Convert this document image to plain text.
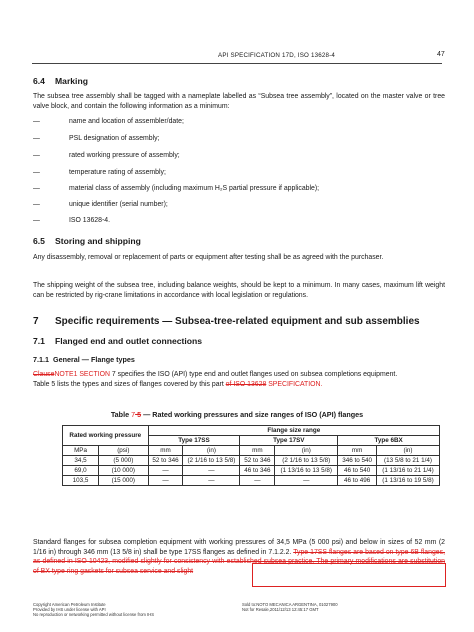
API SPECIFICATION 17D, ISO 13628-4	47
6.4 Marking
The subsea tree assembly shall be tagged with a nameplate labelled as “Subsea tree assembly”, located on the master valve or tree valve block, and contain the following information as a minimum:
—	name and location of assembler/date;
—	PSL designation of assembly;
—	rated working pressure of assembly;
—	temperature rating of assembly;
—	material class of assembly (including maximum H₂S partial pressure if applicable);
—	unique identifier (serial number);
—	ISO 13628-4.
6.5 Storing and shipping
Any disassembly, removal or replacement of parts or equipment after testing shall be as agreed with the purchaser.
The shipping weight of the subsea tree, including balance weights, should be kept to a minimum. In many cases, maximum lift weight can be restricted by rig-crane limitations in accordance with local legislation or regulations.
7 Specific requirements — Subsea-tree-related equipment and sub assemblies
7.1 Flanged end and outlet connections
7.1.1 General — Flange types
ClauseNOTE1 SECTION 7 specifies the ISO (API) type end and outlet flanges used on subsea completions equipment.
Table 5 lists the types and sizes of flanges covered by this part of ISO 13628 SPECIFICATION.
Table 7 5 — Rated working pressures and size ranges of ISO (API) flanges
Rated working pressure		Flange size range					
		Type 17SS		Type 17SV		Type 6BX	
MPa	(psi)	mm	(in)	mm	(in)	mm	(in)
34,5	(5 000)	52 to 346	(2 1/16 to 13 5/8)	52 to 346	(2 1/16 to 13 5/8)	346 to 540	(13 5/8 to 21 1/4)
69,0	(10 000)	—	—	46 to 346	(1 13/16 to 13 5/8)	46 to 540	(1 13/16 to 21 1/4)
103,5	(15 000)	—	—	—	—	46 to 496	(1 13/16 to 19 5/8)
Standard flanges for subsea completion equipment with working pressures of 34,5 MPa (5 000 psi) and below in sizes of 52 mm (2 1/16 in) through 346 mm (13 5/8 in) shall be type 17SS flanges as defined in 7.1.2.2. Type 17SS flanges are based on type 6B flanges, as defined in ISO 10423, modified slightly for consistency with established subsea practice. The primary modifications are substitution of BX type ring gaskets for subsea service and slight
Copyright American Petroleum Institute
Provided by IHS under license with API
No reproduction or networking permitted without license from IHS
Sold to:NOTO MECANICA ARGENTINA, 01027900
Not for Resale,2011/12/13 12:45:17 GMT
